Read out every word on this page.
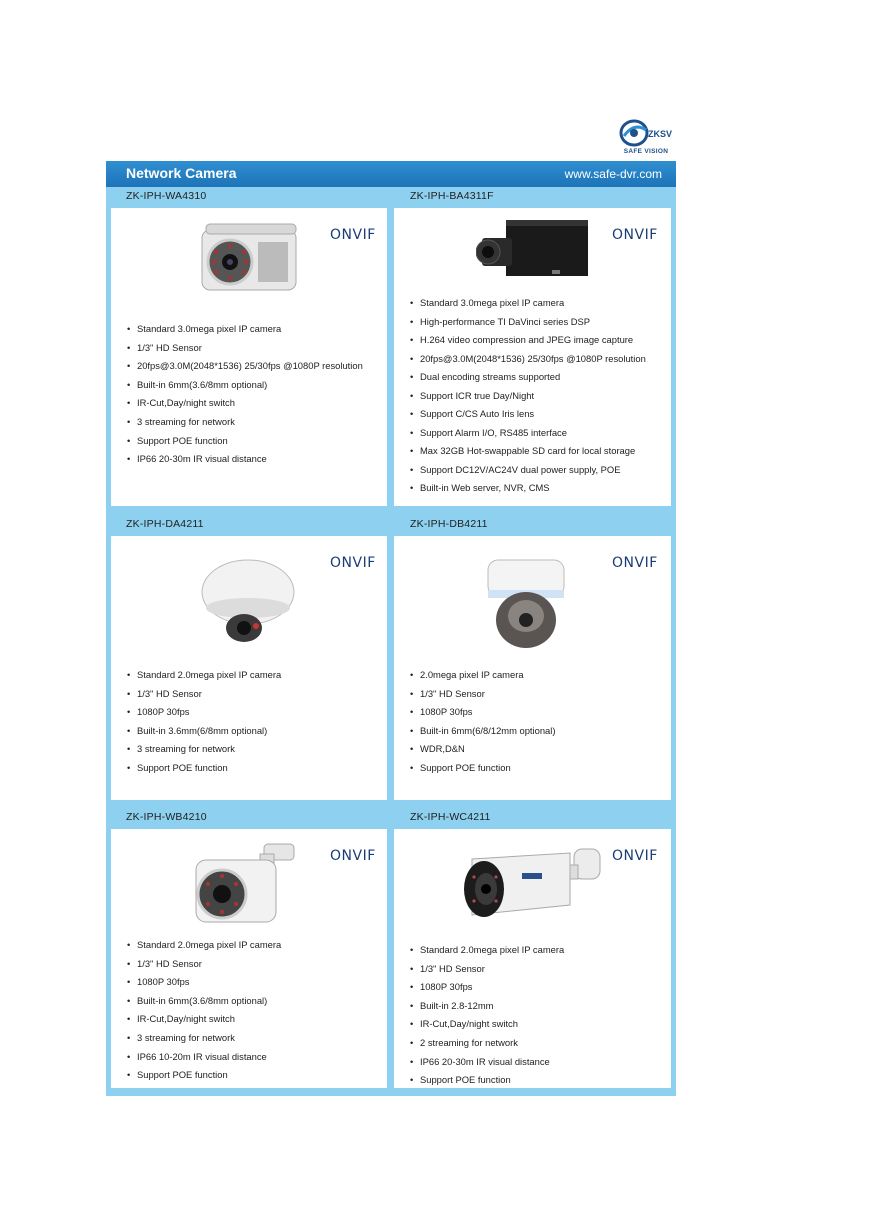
ZKSV
SAFE VISION
Network Camera	www.safe-dvr.com
ZK-IPH-WA4310	ZK-IPH-BA4311F
ZK-IPH-DA4211	ZK-IPH-DB4211
ZK-IPH-WB4210	ZK-IPH-WC4211
ONVIF	ONVIF
ONVIF	ONVIF
ONVIF	ONVIF
• Standard 3.0mega pixel IP camera
• 1/3" HD Sensor
• 20fps@3.0M(2048*1536) 25/30fps @1080P resolution
• Built-in 6mm(3.6/8mm optional)
• IR-Cut,Day/night switch
• 3 streaming for network
• Support POE function
• IP66 20-30m IR visual distance
• Standard 3.0mega pixel IP camera
• High-performance TI DaVinci series DSP
• H.264 video compression and JPEG image capture
• 20fps@3.0M(2048*1536) 25/30fps @1080P resolution
• Dual encoding streams supported
• Support ICR true Day/Night
• Support C/CS Auto Iris lens
• Support Alarm I/O, RS485 interface
• Max 32GB Hot-swappable SD card for local storage
• Support DC12V/AC24V dual power supply, POE
• Built-in Web server, NVR, CMS
• Standard 2.0mega pixel IP camera
• 1/3" HD Sensor
• 1080P 30fps
• Built-in 3.6mm(6/8mm optional)
• 3 streaming for network
• Support POE function
• 2.0mega pixel IP camera
• 1/3" HD Sensor
• 1080P 30fps
• Built-in 6mm(6/8/12mm optional)
• WDR,D&N
• Support POE function
• Standard 2.0mega pixel IP camera
• 1/3" HD Sensor
• 1080P 30fps
• Built-in 6mm(3.6/8mm optional)
• IR-Cut,Day/night switch
• 3 streaming for network
• IP66 10-20m IR visual distance
• Support POE function
• Standard 2.0mega pixel IP camera
• 1/3" HD Sensor
• 1080P 30fps
• Built-in 2.8-12mm
• IR-Cut,Day/night switch
• 2 streaming for network
• IP66 20-30m IR visual distance
• Support POE function
